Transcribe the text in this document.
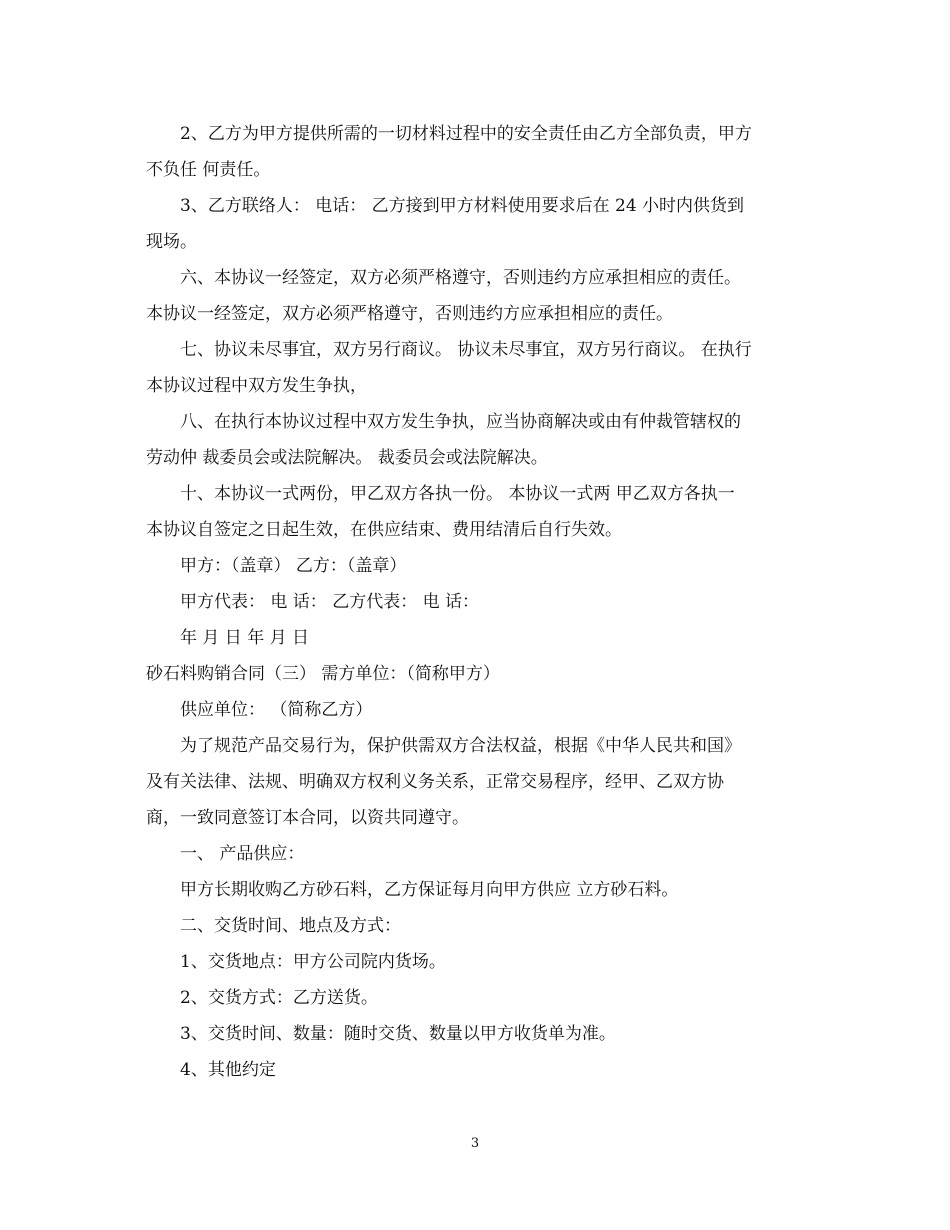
2、乙方为甲方提供所需的一切材料过程中的安全责任由乙方全部负责，甲方
不负任 何责任。
3、乙方联络人： 电话： 乙方接到甲方材料使用要求后在 24 小时内供货到
现场。
六、本协议一经签定，双方必须严格遵守，否则违约方应承担相应的责任。
本协议一经签定，双方必须严格遵守，否则违约方应承担相应的责任。
七、协议未尽事宜，双方另行商议。 协议未尽事宜，双方另行商议。 在执行
本协议过程中双方发生争执，
八、在执行本协议过程中双方发生争执，应当协商解决或由有仲裁管辖权的
劳动仲 裁委员会或法院解决。 裁委员会或法院解决。
十、本协议一式两份，甲乙双方各执一份。 本协议一式两 甲乙双方各执一
本协议自签定之日起生效，在供应结束、费用结清后自行失效。
甲方：（盖章） 乙方：（盖章）
甲方代表： 电 话： 乙方代表： 电 话：
年 月 日 年 月 日
砂石料购销合同（三） 需方单位：（简称甲方）
供应单位： （简称乙方）
为了规范产品交易行为，保护供需双方合法权益，根据《中华人民共和国》
及有关法律、法规、明确双方权利义务关系，正常交易程序，经甲、乙双方协
商，一致同意签订本合同，以资共同遵守。
一、 产品供应：
甲方长期收购乙方砂石料，乙方保证每月向甲方供应 立方砂石料。
二、交货时间、地点及方式：
1、交货地点：甲方公司院内货场。
2、交货方式：乙方送货。
3、交货时间、数量：随时交货、数量以甲方收货单为准。
4、其他约定
3
